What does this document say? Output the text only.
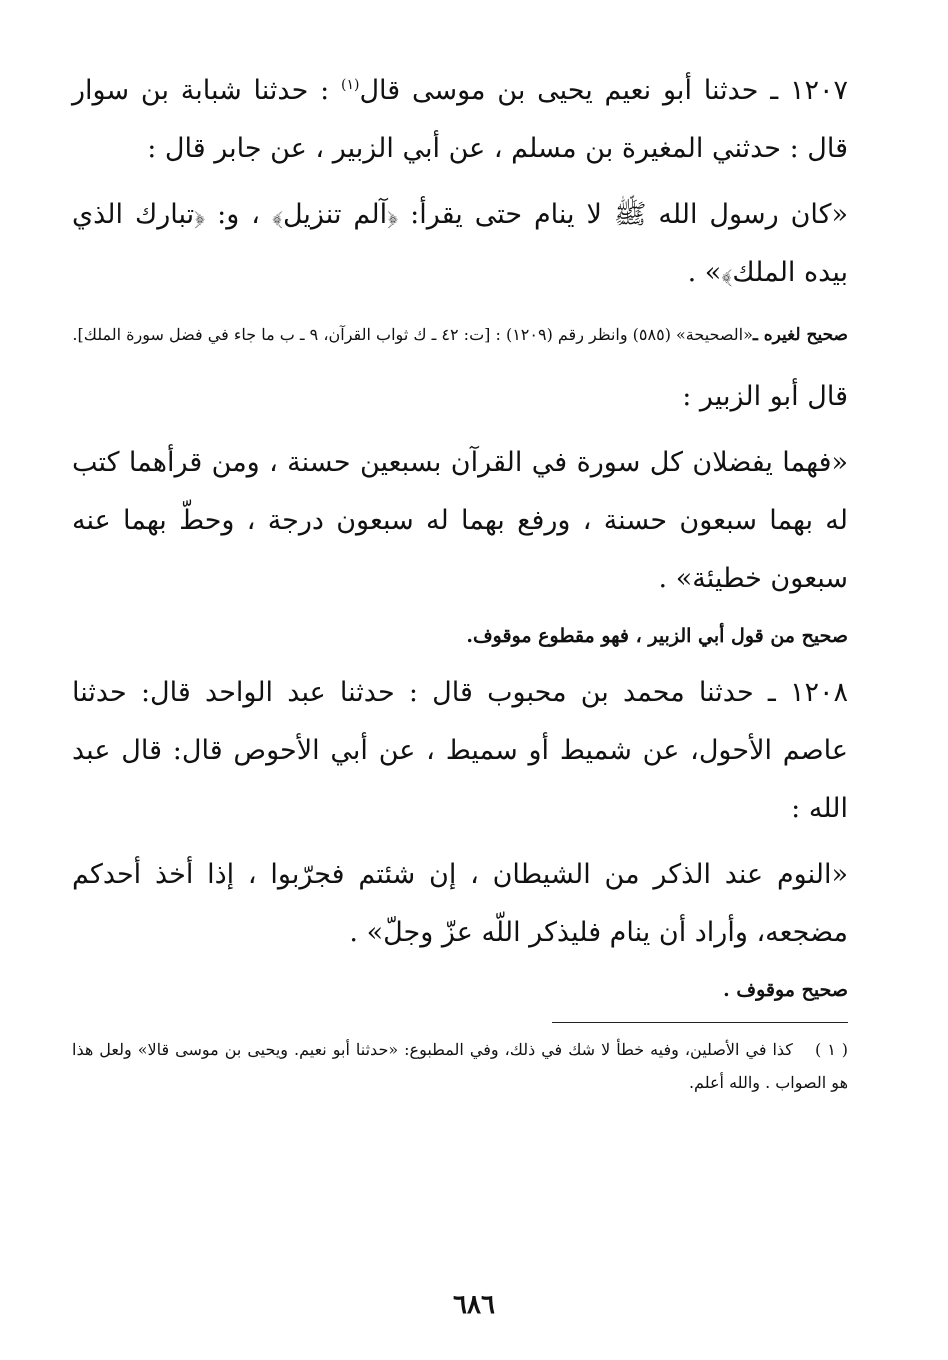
١٢٠٧ ـ حدثنا أبو نعيم يحيى بن موسى قال$^{(١)}$ : حدثنا شبابة بن سوار قال : حدثني المغيرة بن مسلم ، عن أبي الزبير ، عن جابر قال :

«كان رسول الله ﷺ لا ينام حتى يقرأ: ﴿آلم تنزيل﴾ ، و: ﴿تبارك الذي بيده الملك﴾» .

صحيح لغيره ـ«الصحيحة» (٥٨٥) وانظر رقم (١٢٠٩) : [ت: ٤٢ ـ ك ثواب القرآن، ٩ ـ ب ما جاء في فضل سورة الملك].

قال أبو الزبير :

«فهما يفضلان كل سورة في القرآن بسبعين حسنة ، ومن قرأهما كتب له بهما سبعون حسنة ، ورفع بهما له سبعون درجة ، وحطّ بهما عنه سبعون خطيئة» .

صحيح من قول أبي الزبير ، فهو مقطوع موقوف.

١٢٠٨ ـ حدثنا محمد بن محبوب قال : حدثنا عبد الواحد قال: حدثنا عاصم الأحول، عن شميط أو سميط ، عن أبي الأحوص قال: قال عبد الله :

«النوم عند الذكر من الشيطان ، إن شئتم فجرّبوا ، إذا أخذ أحدكم مضجعه، وأراد أن ينام فليذكر اللّه عزّ وجلّ» .

صحيح موقوف .

( ١ )كذا في الأصلين، وفيه خطأ لا شك في ذلك، وفي المطبوع: «حدثنا أبو نعيم. ويحيى بن موسى قالا» ولعل هذا هو الصواب . والله أعلم.

٦٨٦
